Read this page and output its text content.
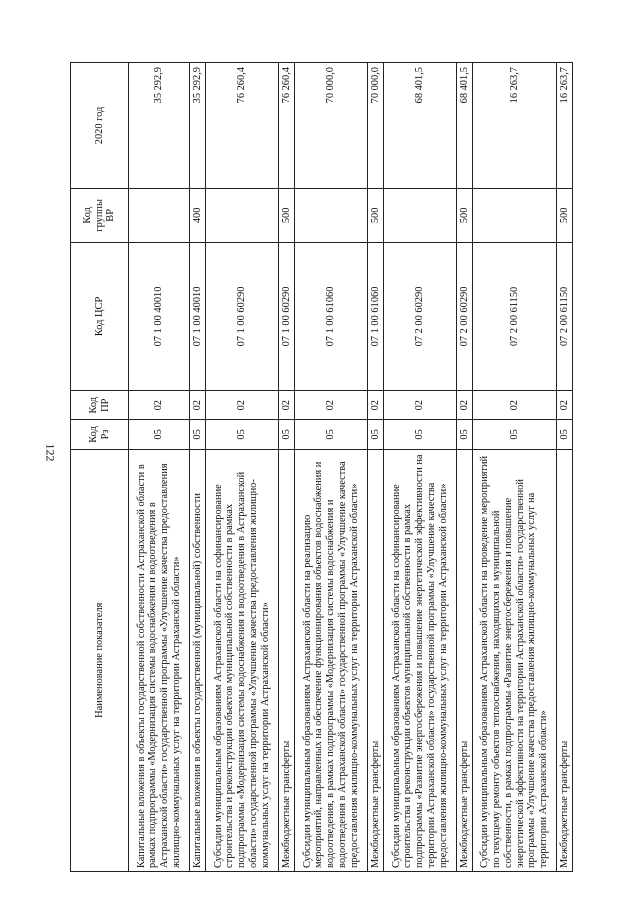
122
Наименование показателя	Код Рз	Код ПР	Код ЦСР	Код группы ВР	2020 год
Капитальные вложения в объекты государственной собственности Астраханской области в рамках подпрограммы «Модернизация системы водоснабжения и водоотведения в Астраханской области» государственной программы «Улучшение качества предоставления жилищно-коммунальных услуг на территории Астраханской области»	05	02	07 1 00 40010		35 292,9
Капитальные вложения в объекты государственной (муниципальной) собственности	05	02	07 1 00 40010	400	35 292,9
Субсидии муниципальным образованиям Астраханской области на софинансирование строительства и реконструкции объектов муниципальной собственности в рамках подпрограммы «Модернизация системы водоснабжения и водоотведения в Астраханской области» государственной программы «Улучшение качества предоставления жилищно-коммунальных услуг на территории Астраханской области»	05	02	07 1 00 60290		76 260,4
Межбюджетные трансферты	05	02	07 1 00 60290	500	76 260,4
Субсидии муниципальным образованиям Астраханской области на реализацию мероприятий, направленных на обеспечение функционирования объектов водоснабжения и водоотведения, в рамках подпрограммы «Модернизация системы водоснабжения и водоотведения в Астраханской области» государственной программы «Улучшение качества предоставления жилищно-коммунальных услуг на территории Астраханской области»	05	02	07 1 00 61060		70 000,0
Межбюджетные трансферты	05	02	07 1 00 61060	500	70 000,0
Субсидии муниципальным образованиям Астраханской области на софинансирование строительства и реконструкции объектов муниципальной собственности в рамках подпрограммы «Развитие энергосбережения и повышение энергетической эффективности на территории Астраханской области» государственной программы «Улучшение качества предоставления жилищно-коммунальных услуг на территории Астраханской области»	05	02	07 2 00 60290		68 401,5
Межбюджетные трансферты	05	02	07 2 00 60290	500	68 401,5
Субсидии муниципальным образованиям Астраханской области на проведение мероприятий по текущему ремонту объектов теплоснабжения, находящихся в муниципальной собственности, в рамках подпрограммы «Развитие энергосбережения и повышение энергетической эффективности на территории Астраханской области» государственной программы «Улучшение качества предоставления жилищно-коммунальных услуг на территории Астраханской области»	05	02	07 2 00 61150		16 263,7
Межбюджетные трансферты	05	02	07 2 00 61150	500	16 263,7
